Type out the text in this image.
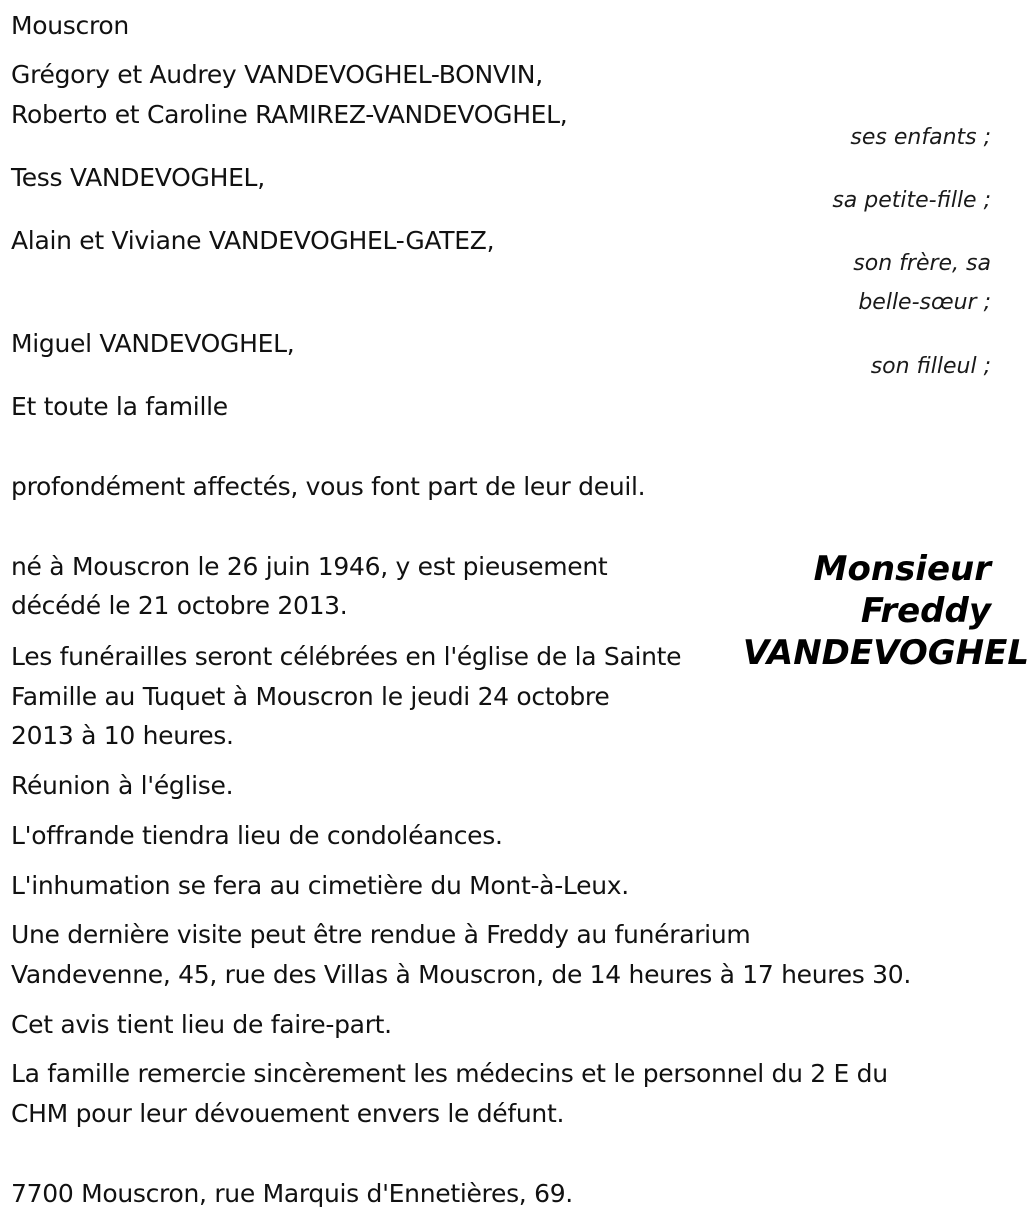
Mouscron
Grégory et Audrey VANDEVOGHEL-BONVIN,
Roberto et Caroline RAMIREZ-VANDEVOGHEL,
ses enfants ;
Tess VANDEVOGHEL,
sa petite-fille ;
Alain et Viviane VANDEVOGHEL-GATEZ,
son frère, sa
belle-sœur ;
Miguel VANDEVOGHEL,
son filleul ;
Et toute la famille
profondément affectés, vous font part de leur deuil.
Monsieur
Freddy
VANDEVOGHEL
né à Mouscron le 26 juin 1946, y est pieusement
décédé le 21 octobre 2013.
Les funérailles seront célébrées en l'église de la Sainte
Famille au Tuquet à Mouscron le jeudi 24 octobre
2013 à 10 heures.
Réunion à l'église.
L'offrande tiendra lieu de condoléances.
L'inhumation se fera au cimetière du Mont-à-Leux.
Une dernière visite peut être rendue à Freddy au funérarium
Vandevenne, 45, rue des Villas à Mouscron, de 14 heures à 17 heures 30.
Cet avis tient lieu de faire-part.
La famille remercie sincèrement les médecins et le personnel du 2 E du
CHM pour leur dévouement envers le défunt.
7700 Mouscron, rue Marquis d'Ennetières, 69.
